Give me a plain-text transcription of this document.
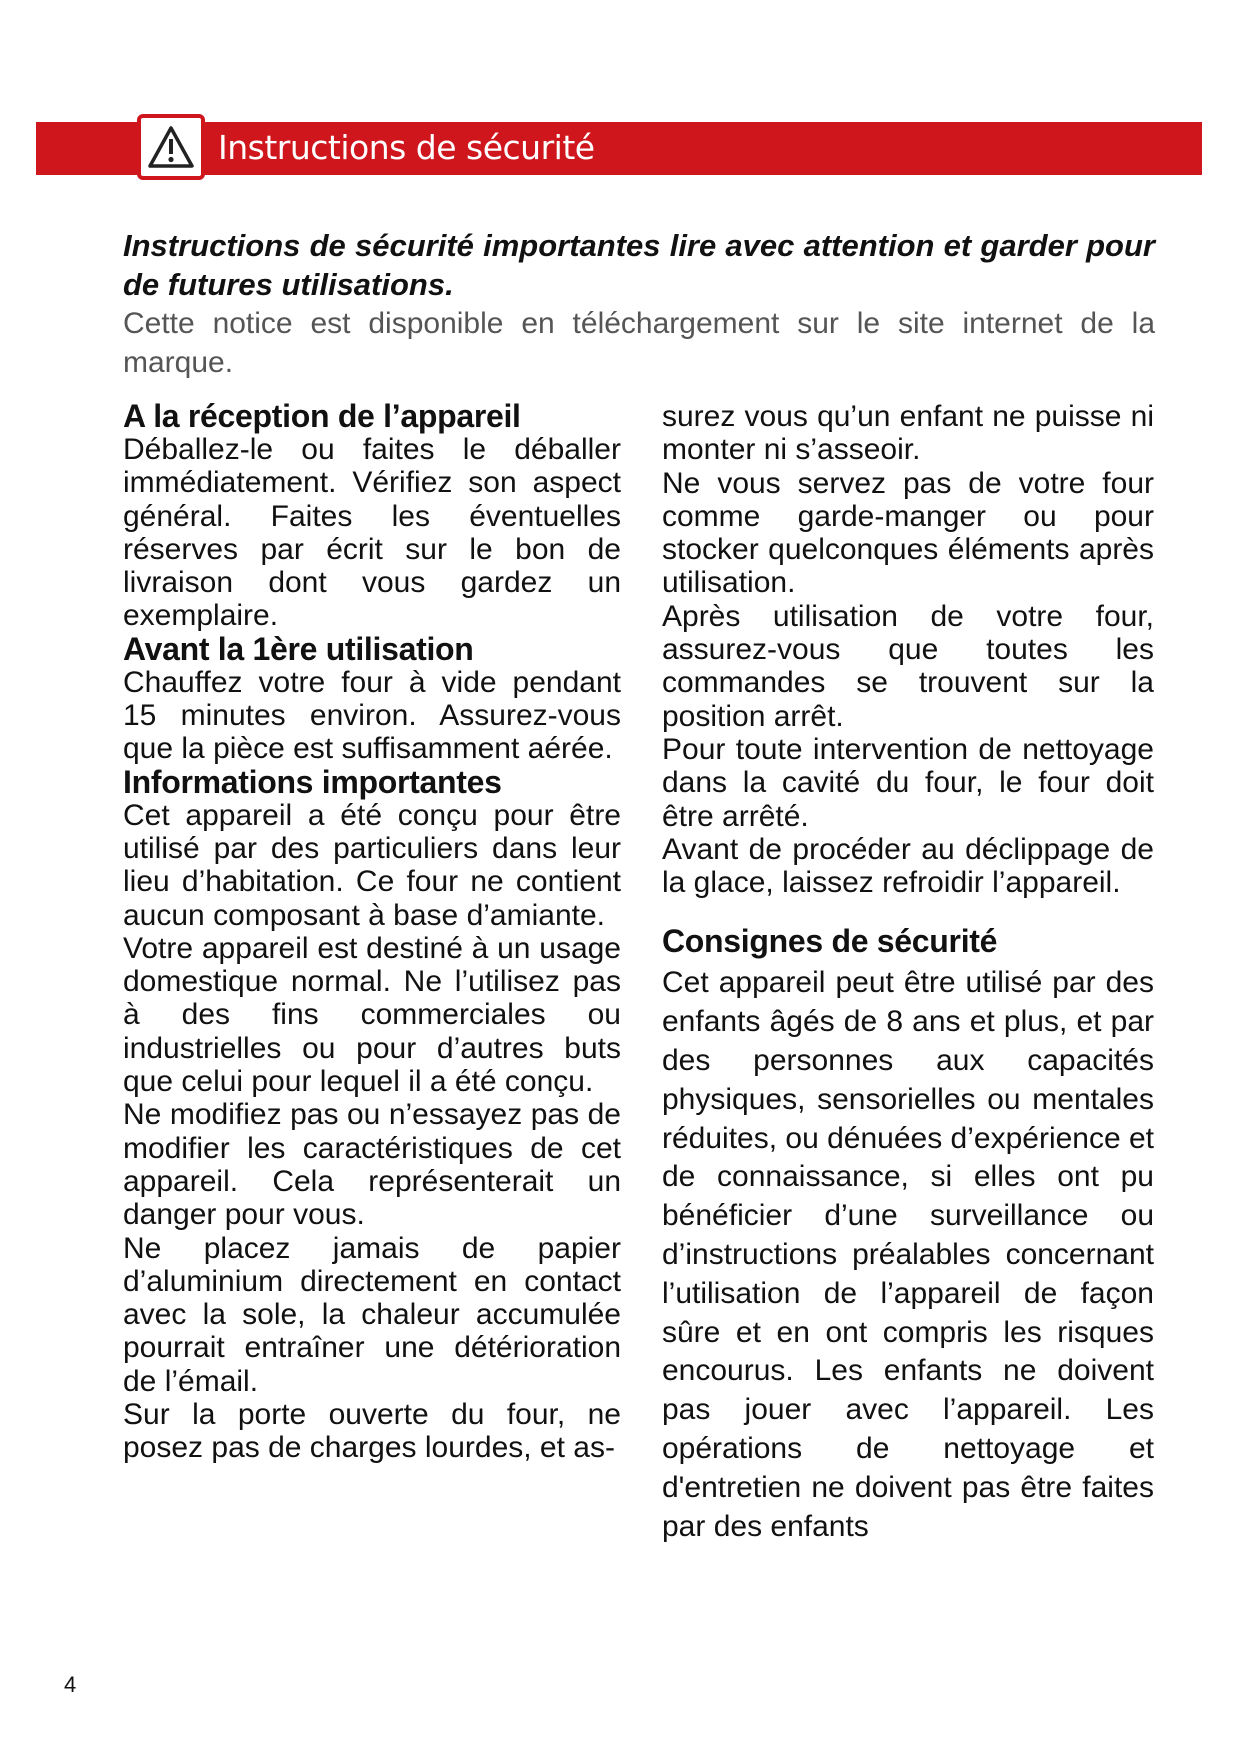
Instructions de sécurité

Instructions de sécurité importantes lire avec attention et garder pour de futures utilisations.

Cette notice est disponible en téléchargement sur le site internet de la marque.

A la réception de l’appareil

Déballez-le ou faites le déballer immédiatement. Vérifiez son aspect général. Faites les éventuelles réserves par écrit sur le bon de livraison dont vous gardez un exemplaire.

Avant la 1ère utilisation

Chauffez votre four à vide pendant 15 minutes environ. Assurez-vous que la pièce est suffisamment aérée.

Informations importantes

Cet appareil a été conçu pour être utilisé par des particuliers dans leur lieu d’habitation. Ce four ne contient aucun composant à base d’amiante.

Votre appareil est destiné à un usage domestique normal. Ne l’utilisez pas à des fins commerciales ou industrielles ou pour d’autres buts que celui pour lequel il a été conçu.

Ne modifiez pas ou n’essayez pas de modifier les caractéristiques de cet appareil. Cela représenterait un danger pour vous.

Ne placez jamais de papier d’aluminium directement en contact avec la sole, la chaleur accumulée pourrait entraîner une détérioration de l’émail.

Sur la porte ouverte du four, ne posez pas de charges lourdes, et as-

surez vous qu’un enfant ne puisse ni monter ni s’asseoir.

Ne vous servez pas de votre four comme garde-manger ou pour stocker quelconques éléments après utilisation.

Après utilisation de votre four, assurez-vous que toutes les commandes se trouvent sur la position arrêt.

Pour toute intervention de nettoyage dans la cavité du four, le four doit être arrêté.

Avant de procéder au déclippage de la glace, laissez refroidir l’appareil.

Consignes de sécurité

Cet appareil peut être utilisé par des enfants âgés de 8 ans et plus, et par des personnes aux capacités physiques, sensorielles ou mentales réduites, ou dénuées d’expérience et de connaissance, si elles ont pu bénéficier d’une surveillance ou d’instructions préalables concernant l’utilisation de l’appareil de façon sûre et en ont compris les risques encourus. Les enfants ne doivent pas jouer avec l’appareil. Les opérations de nettoyage et d'entretien ne doivent pas être faites par des enfants

4
